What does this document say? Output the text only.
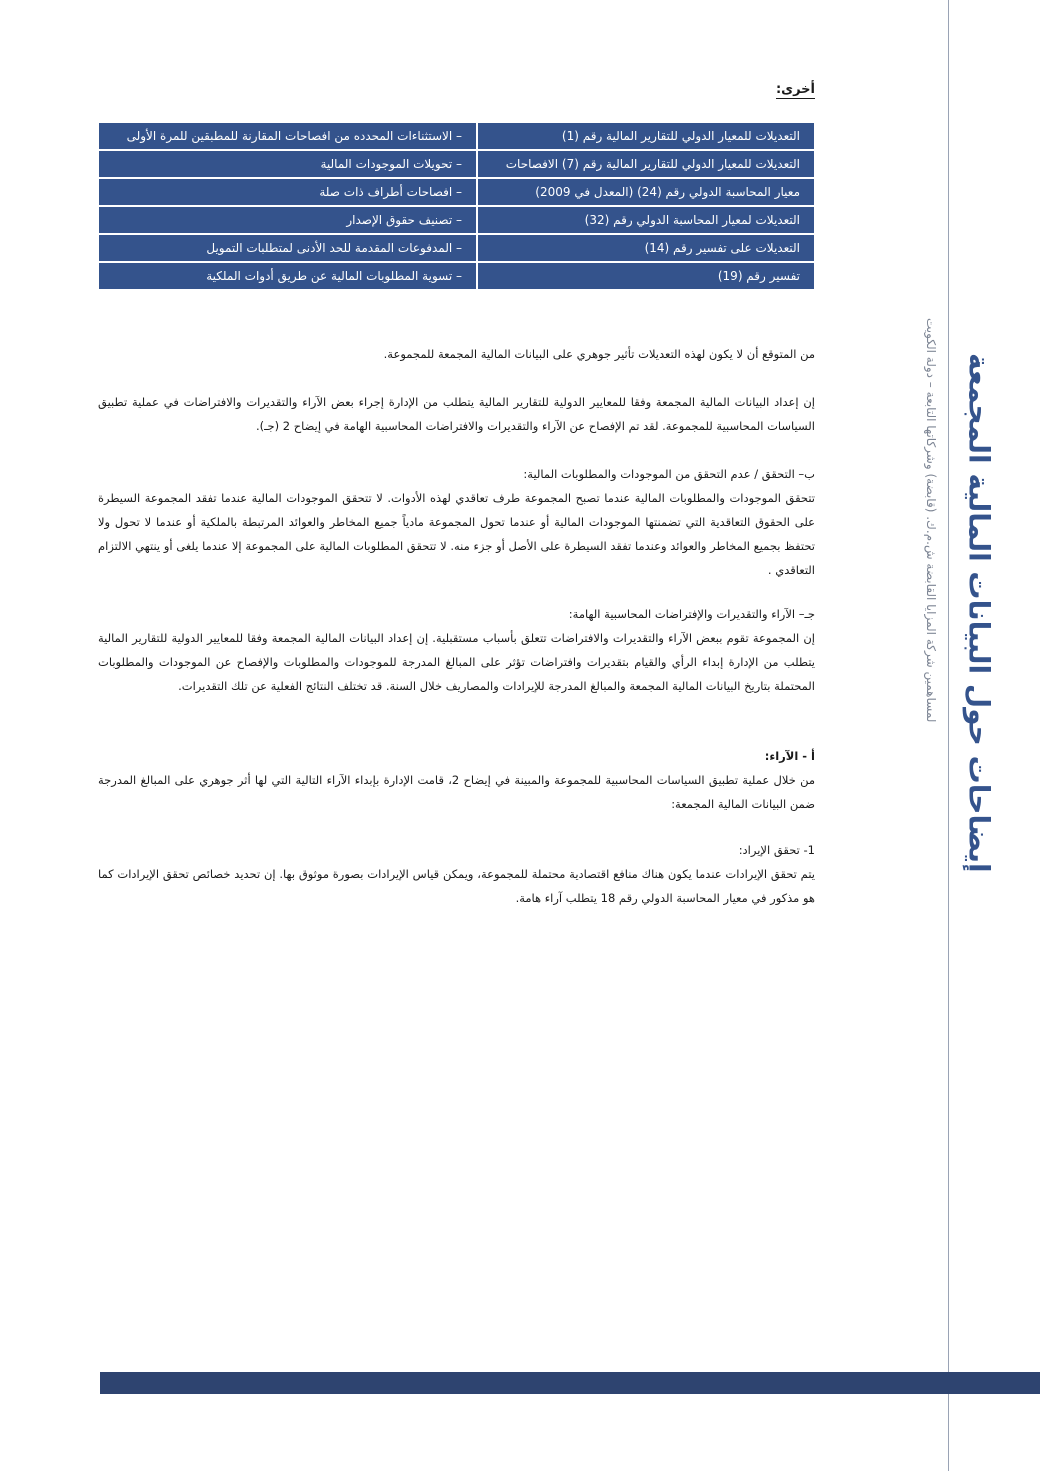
إيضاحات حول البيانات المالية المجمعة
لمساهمين شركة المزايا القابضة ش.م.ك. (قابضة) وشركاتها التابعة – دولة الكويت
أخرى:
التعديلات للمعيار الدولي للتقارير المالية رقم (1)	– الاستثناءات المحدده من افصاحات المقارنة للمطبقين للمرة الأولى
التعديلات للمعيار الدولي للتقارير المالية رقم (7) الافصاحات	– تحويلات الموجودات المالية
معيار المحاسبة الدولي رقم (24) (المعدل في 2009)	– افصاحات أطراف ذات صلة
التعديلات لمعيار المحاسبة الدولي رقم (32)	– تصنيف حقوق الإصدار
التعديلات على تفسير رقم (14)	– المدفوعات المقدمة للحد الأدنى لمتطلبات التمويل
تفسير رقم (19)	– تسوية المطلوبات المالية عن طريق أدوات الملكية

من المتوقع أن لا يكون لهذه التعديلات تأثير جوهري على البيانات المالية المجمعة للمجموعة.

إن إعداد البيانات المالية المجمعة وفقا للمعايير الدولية للتقارير المالية يتطلب من الإدارة إجراء بعض الآراء والتقديرات والافتراضات في عملية تطبيق السياسات المحاسبية للمجموعة. لقد تم الإفصاح عن الآراء والتقديرات والافتراضات المحاسبية الهامة في إيضاح 2 (جـ).

ب– التحقق / عدم التحقق من الموجودات والمطلوبات المالية:
تتحقق الموجودات والمطلوبات المالية عندما تصبح المجموعة طرف تعاقدي لهذه الأدوات. لا تتحقق الموجودات المالية عندما تفقد المجموعة السيطرة على الحقوق التعاقدية التي تضمنتها الموجودات المالية أو عندما تحول المجموعة مادياً جميع المخاطر والعوائد المرتبطة بالملكية أو عندما لا تحول ولا تحتفظ بجميع المخاطر والعوائد وعندما تفقد السيطرة على الأصل أو جزء منه. لا تتحقق المطلوبات المالية على المجموعة إلا عندما يلغى أو ينتهي الالتزام التعاقدي .
جـ– الآراء والتقديرات والإفتراضات المحاسبية الهامة:
إن المجموعة تقوم ببعض الآراء والتقديرات والافتراضات تتعلق بأسباب مستقبلية. إن إعداد البيانات المالية المجمعة وفقا للمعايير الدولية للتقارير المالية يتطلب من الإدارة إبداء الرأي والقيام بتقديرات وافتراضات تؤثر على المبالغ المدرجة للموجودات والمطلوبات والإفصاح عن الموجودات والمطلوبات المحتملة بتاريخ البيانات المالية المجمعة والمبالغ المدرجة للإيرادات والمصاريف خلال السنة. قد تختلف النتائج الفعلية عن تلك التقديرات.
أ - الآراء:
من خلال عملية تطبيق السياسات المحاسبية للمجموعة والمبينة في إيضاح 2، قامت الإدارة بإبداء الآراء التالية التي لها أثر جوهري على المبالغ المدرجة ضمن البيانات المالية المجمعة:
1- تحقق الإيراد:
يتم تحقق الإيرادات عندما يكون هناك منافع اقتصادية محتملة للمجموعة، ويمكن قياس الإيرادات بصورة موثوق بها. إن تحديد خصائص تحقق الإيرادات كما هو مذكور في معيار المحاسبة الدولي رقم 18 يتطلب آراء هامة.
